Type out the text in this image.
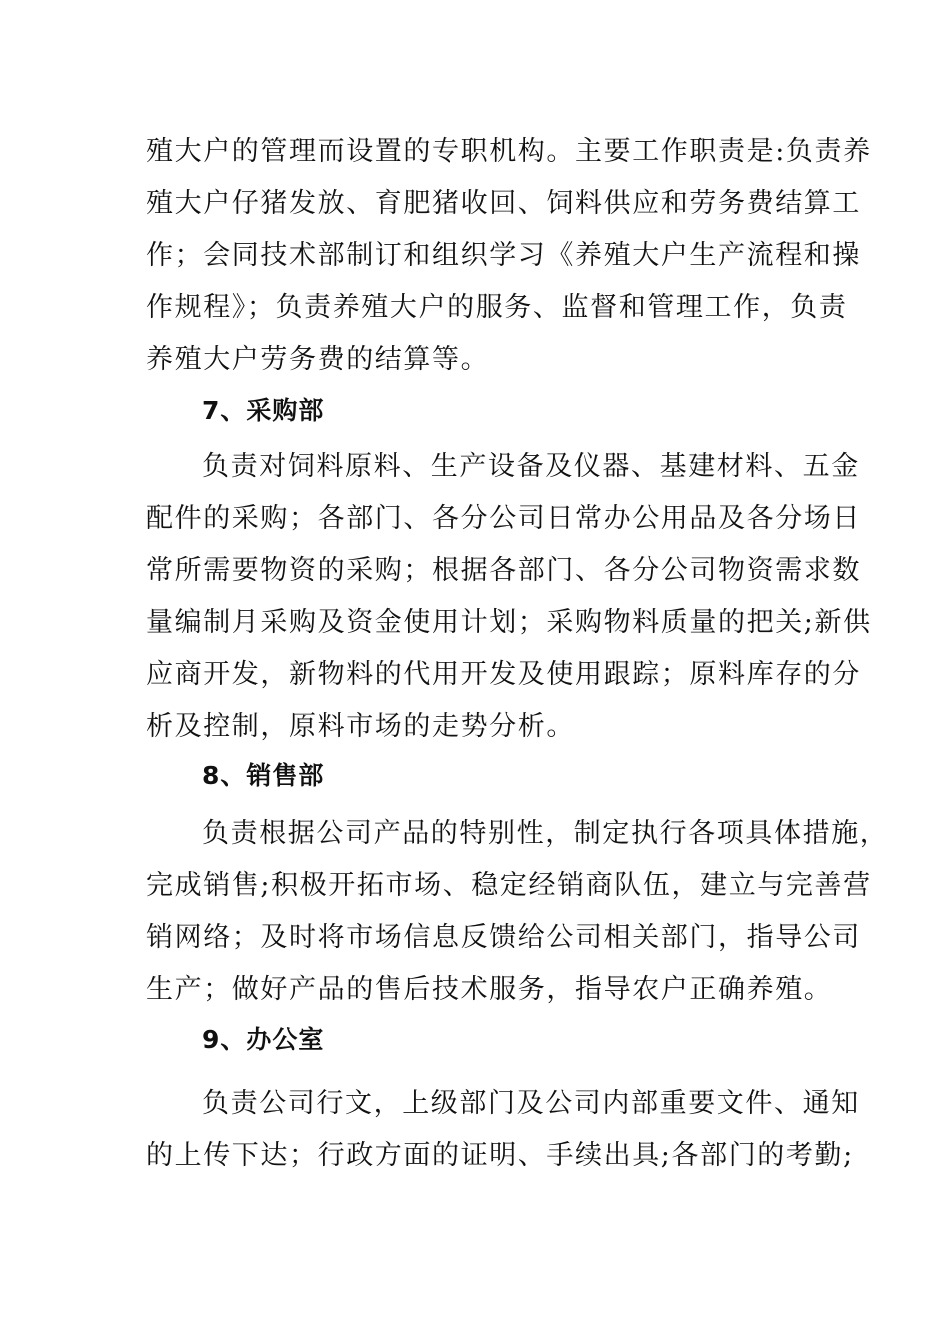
殖大户的管理而设置的专职机构。主要工作职责是:负责养
殖大户仔猪发放、育肥猪收回、饲料供应和劳务费结算工
作；会同技术部制订和组织学习《养殖大户生产流程和操
作规程》；负责养殖大户的服务、监督和管理工作，负责
养殖大户劳务费的结算等。
7、采购部
负责对饲料原料、生产设备及仪器、基建材料、五金
配件的采购；各部门、各分公司日常办公用品及各分场日
常所需要物资的采购；根据各部门、各分公司物资需求数
量编制月采购及资金使用计划；采购物料质量的把关;新供
应商开发，新物料的代用开发及使用跟踪；原料库存的分
析及控制，原料市场的走势分析。
8、销售部
负责根据公司产品的特别性，制定执行各项具体措施，
完成销售;积极开拓市场、稳定经销商队伍，建立与完善营
销网络；及时将市场信息反馈给公司相关部门，指导公司
生产；做好产品的售后技术服务，指导农户正确养殖。
9、办公室
负责公司行文，上级部门及公司内部重要文件、通知
的上传下达；行政方面的证明、手续出具;各部门的考勤;
